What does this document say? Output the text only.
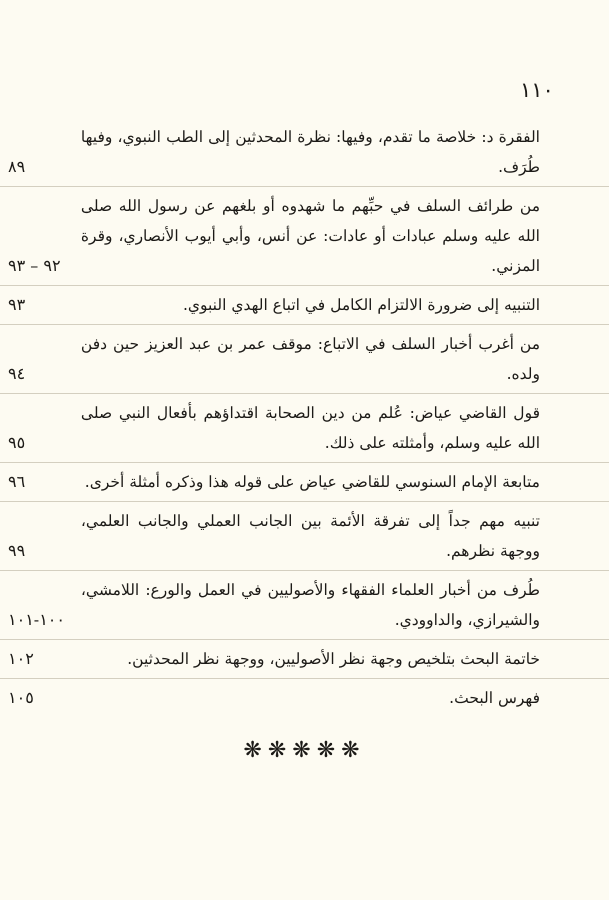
١١٠
الفقرة د: خلاصة ما تقدم، وفيها: نظرة المحدثين إلى الطب النبوي، وفيها طُرَف.
٨٩
من طرائف السلف في حبِّهم ما شهدوه أو بلغهم عن رسول الله صلى الله عليه وسلم عبادات أو عادات: عن أنس، وأبي أيوب الأنصاري، وقرة المزني.
٩٢ – ٩٣
التنبيه إلى ضرورة الالتزام الكامل في اتباع الهدي النبوي.
٩٣
من أغرب أخبار السلف في الاتباع: موقف عمر بن عبد العزيز حين دفن ولده.
٩٤
قول القاضي عياض: عُلم من دين الصحابة اقتداؤهم بأفعال النبي صلى الله عليه وسلم، وأمثلته على ذلك.
٩٥
متابعة الإمام السنوسي للقاضي عياض على قوله هذا وذكره أمثلة أخرى.
٩٦
تنبيه مهم جداً إلى تفرقة الأئمة بين الجانب العملي والجانب العلمي، ووجهة نظرهم.
٩٩
طُرف من أخبار العلماء الفقهاء والأصوليين في العمل والورع: اللامشي، والشيرازي، والداوودي.
١٠٠-١٠١
خاتمة البحث بتلخيص وجهة نظر الأصوليين، ووجهة نظر المحدثين.
١٠٢
فهرس البحث.
١٠٥
❋❋❋❋❋
